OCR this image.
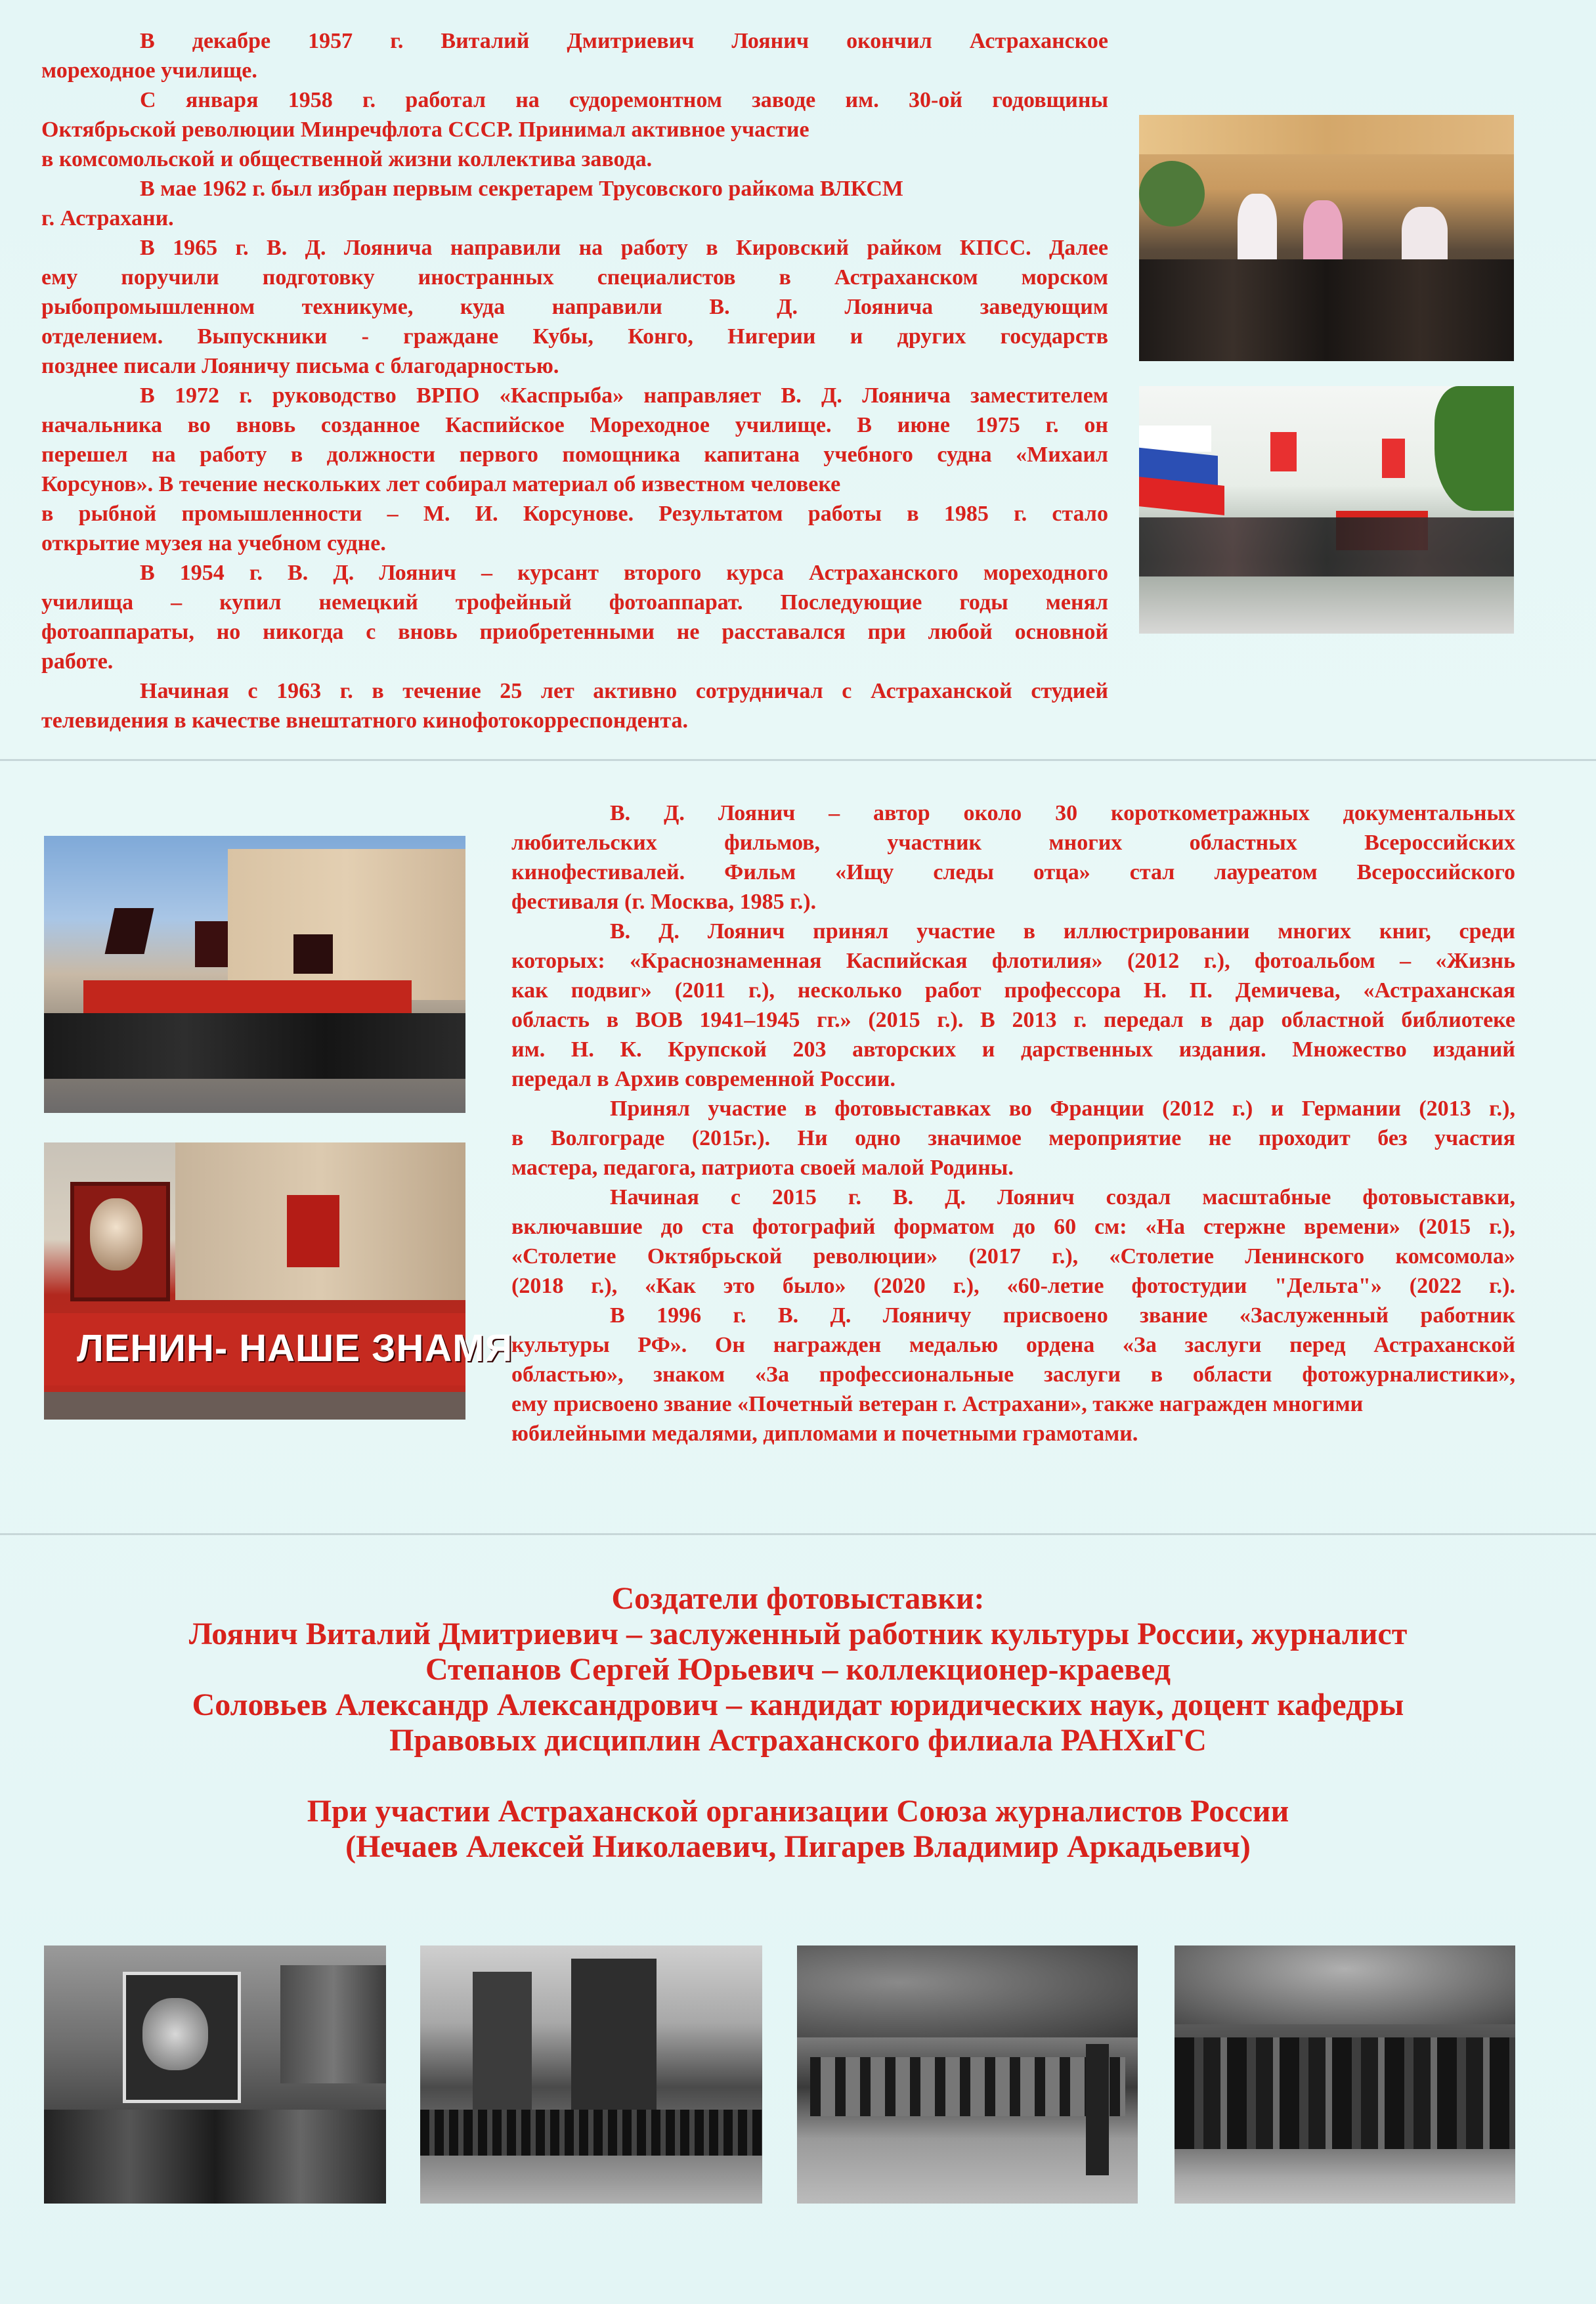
В декабре 1957 г. Виталий Дмитриевич Лоянич окончил Астраханское
мореходное училище.
С января 1958 г. работал на судоремонтном заводе им. 30-ой годовщины
Октябрьской революции Минречфлота СССР. Принимал активное участие
в комсомольской и общественной жизни коллектива завода.
В мае 1962 г. был избран первым секретарем Трусовского райкома ВЛКСМ
г. Астрахани.
В 1965 г. В. Д. Лоянича направили на работу в Кировский райком КПСС. Далее
ему поручили подготовку иностранных специалистов в Астраханском морском
рыбопромышленном техникуме, куда направили В. Д. Лоянича заведующим
отделением. Выпускники - граждане Кубы, Конго, Нигерии и других государств
позднее писали Лояничу письма с благодарностью.
В 1972 г. руководство ВРПО «Каспрыба» направляет В. Д. Лоянича заместителем
начальника во вновь созданное Каспийское Мореходное училище. В июне 1975 г. он
перешел на работу в должности первого помощника капитана учебного судна «Михаил
Корсунов». В течение нескольких лет собирал материал об известном человеке
в рыбной промышленности – М. И. Корсунове. Результатом работы в 1985 г. стало
открытие музея на учебном судне.
В 1954 г. В. Д. Лоянич – курсант второго курса Астраханского мореходного
училища – купил немецкий трофейный фотоаппарат. Последующие годы менял
фотоаппараты, но никогда с вновь приобретенными не расставался при любой основной
работе.
Начиная с 1963 г. в течение 25 лет активно сотрудничал с Астраханской студией
телевидения в качестве внештатного кинофотокорреспондента.
ЛЕНИН- НАШЕ ЗНАМЯ
В. Д. Лоянич – автор около 30 короткометражных документальных
любительских фильмов, участник многих областных Всероссийских
кинофестивалей. Фильм «Ищу следы отца» стал лауреатом Всероссийского
фестиваля (г. Москва, 1985 г.).
В. Д. Лоянич принял участие в иллюстрировании многих книг, среди
которых: «Краснознаменная Каспийская флотилия» (2012 г.), фотоальбом – «Жизнь
как подвиг» (2011 г.), несколько работ профессора Н. П. Демичева, «Астраханская
область в ВОВ 1941–1945 гг.» (2015 г.). В 2013 г. передал в дар областной библиотеке
им. Н. К. Крупской 203 авторских и дарственных издания. Множество изданий
передал в Архив современной России.
Принял участие в фотовыставках во Франции (2012 г.) и Германии (2013 г.),
в Волгограде (2015г.). Ни одно значимое мероприятие не проходит без участия
мастера, педагога, патриота своей малой Родины.
Начиная с 2015 г. В. Д. Лоянич создал масштабные фотовыставки,
включавшие до ста фотографий форматом до 60 см: «На стержне времени» (2015 г.),
«Столетие Октябрьской революции» (2017 г.), «Столетие Ленинского комсомола»
(2018 г.), «Как это было» (2020 г.), «60-летие фотостудии "Дельта"» (2022 г.).
В 1996 г. В. Д. Лояничу присвоено звание «Заслуженный работник
культуры РФ». Он награжден медалью ордена «За заслуги перед Астраханской
областью», знаком «За профессиональные заслуги в области фотожурналистики»,
ему присвоено звание «Почетный ветеран г. Астрахани», также награжден многими
юбилейными медалями, дипломами и почетными грамотами.
Создатели фотовыставки:
Лоянич Виталий Дмитриевич – заслуженный работник культуры России, журналист
Степанов Сергей Юрьевич – коллекционер-краевед
Соловьев Александр Александрович – кандидат юридических наук, доцент кафедры
Правовых дисциплин Астраханского филиала РАНХиГС
При участии Астраханской организации Союза журналистов России
(Нечаев Алексей Николаевич, Пигарев Владимир Аркадьевич)
